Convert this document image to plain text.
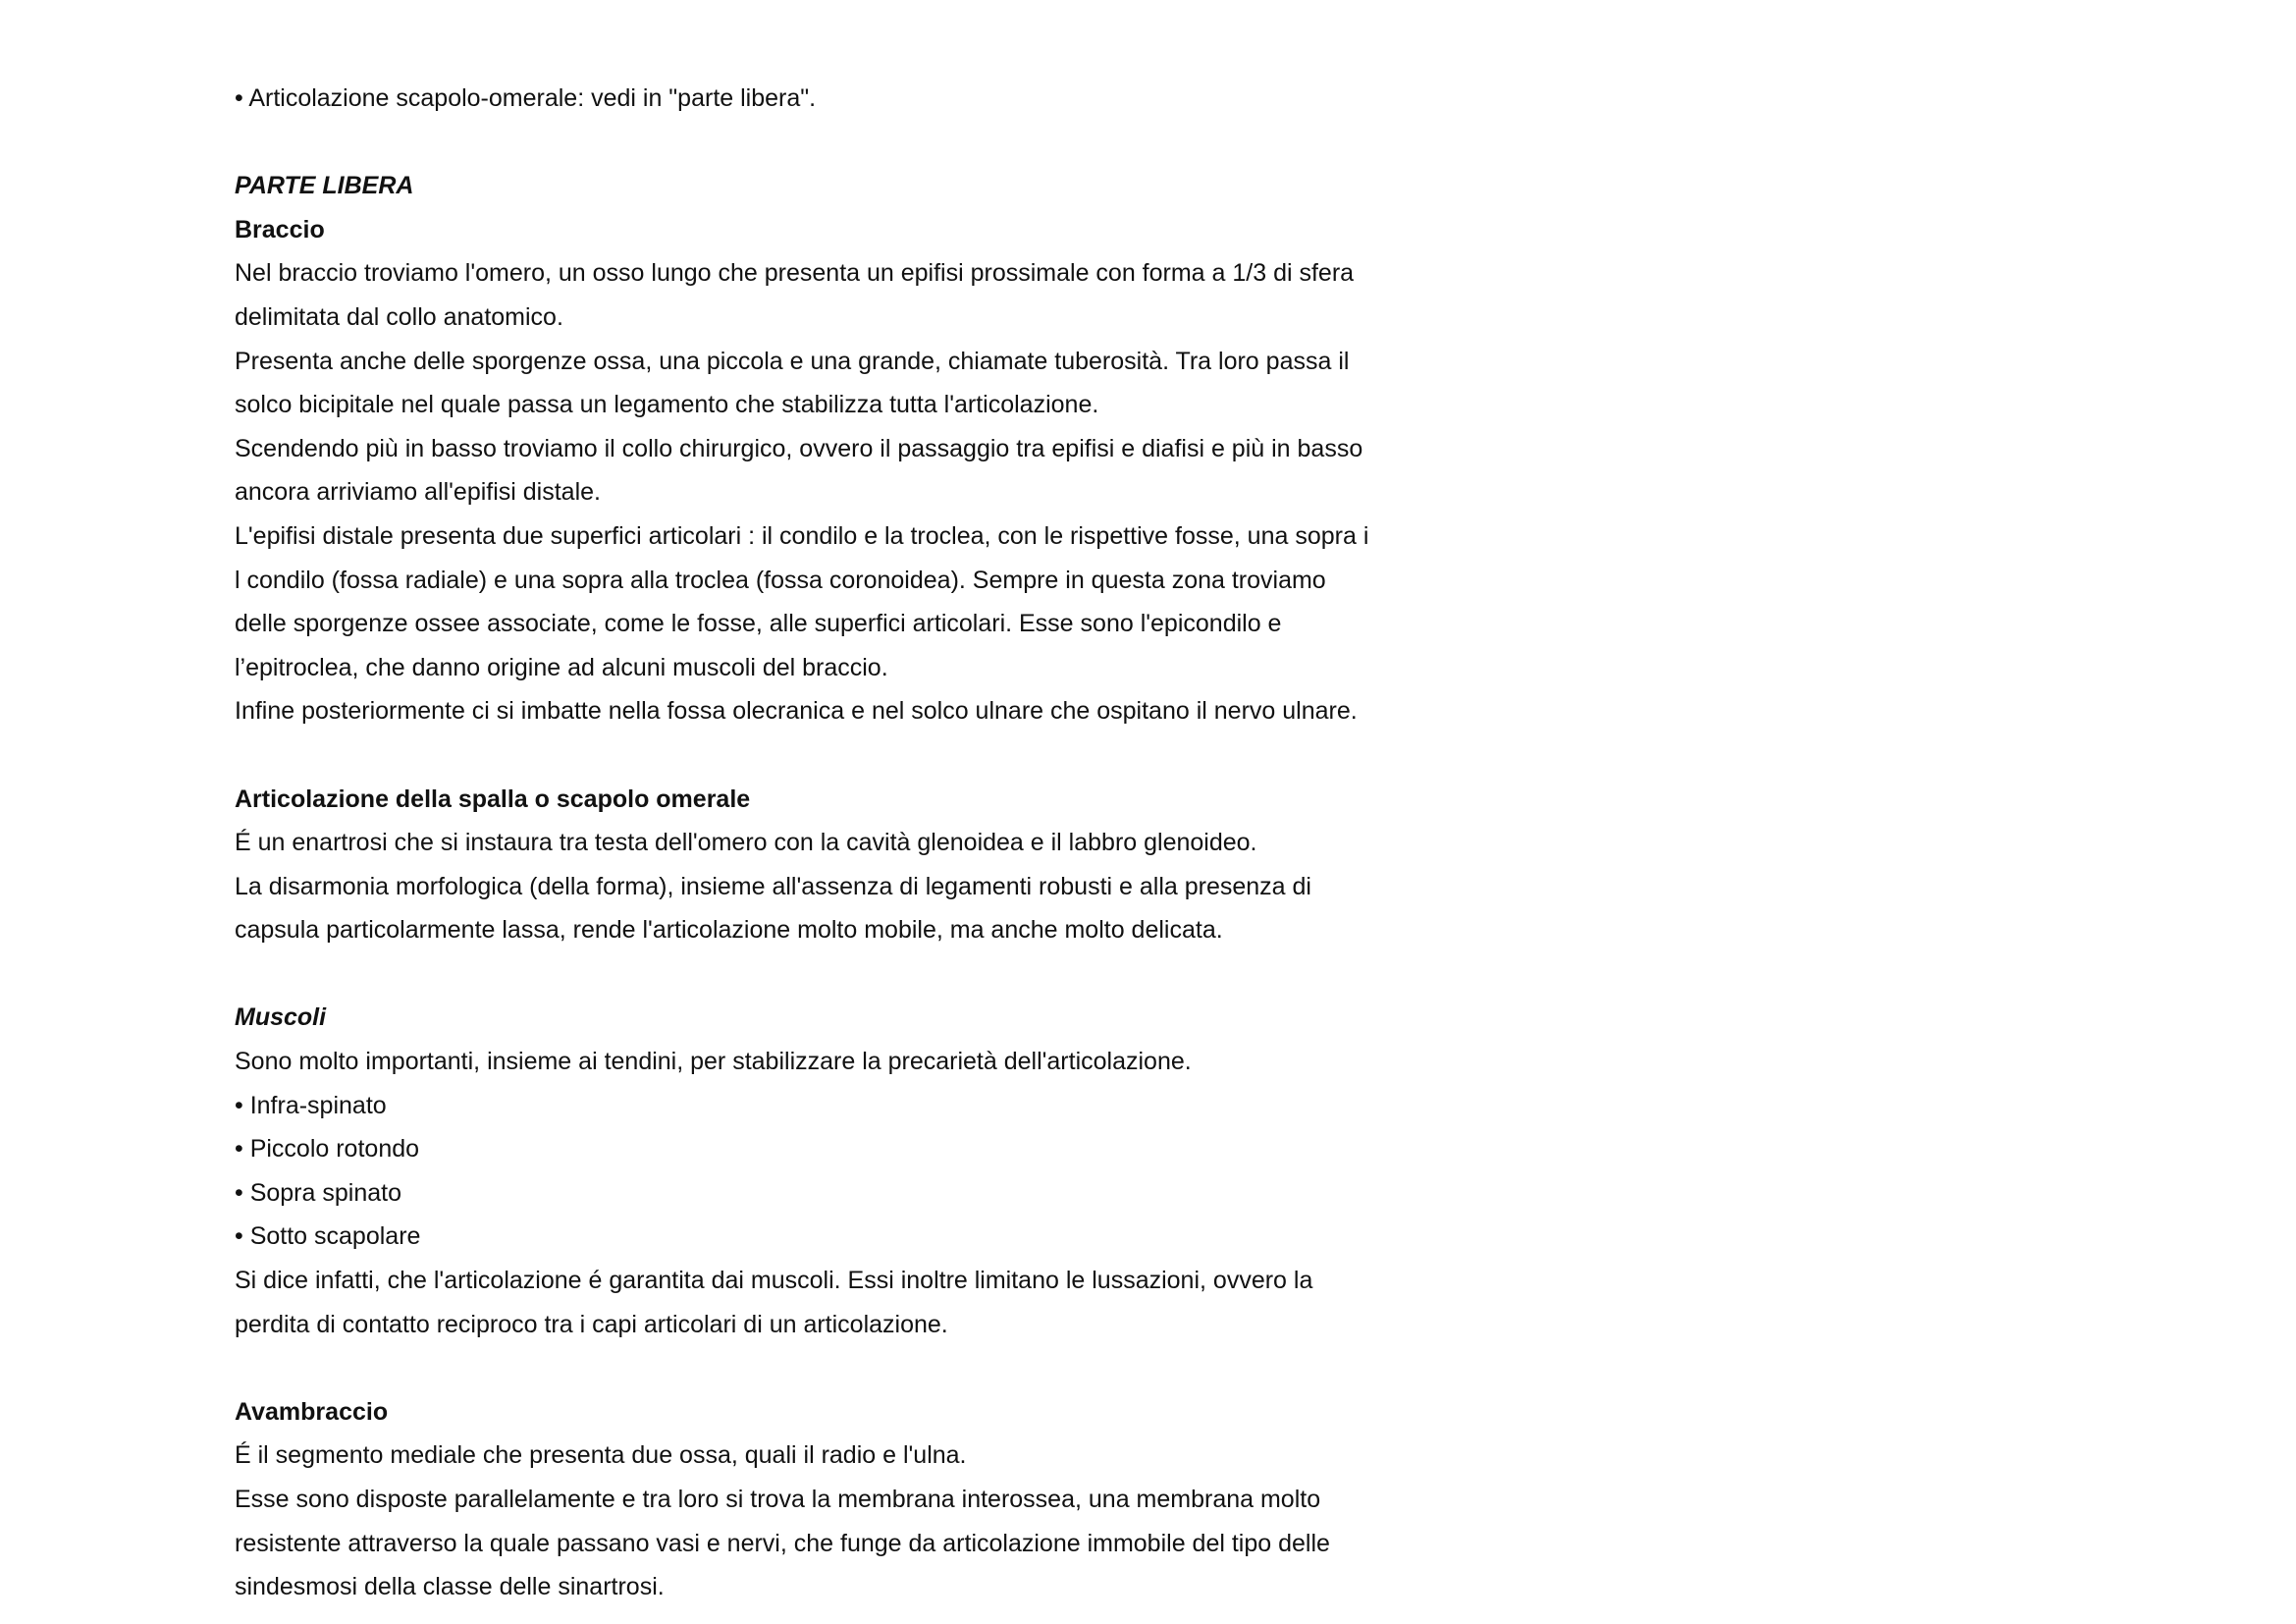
• Articolazione scapolo-omerale: vedi in "parte libera".

PARTE LIBERA

Braccio

Nel braccio troviamo l'omero, un osso lungo che presenta un epifisi prossimale con forma a 1/3 di sfera

delimitata dal collo anatomico.

Presenta anche delle sporgenze ossa, una piccola e una grande, chiamate tuberosità. Tra loro passa il

solco bicipitale nel quale passa un legamento che stabilizza tutta l'articolazione.

Scendendo più in basso troviamo il collo chirurgico, ovvero il passaggio tra epifisi e diafisi e più in basso

ancora arriviamo all'epifisi distale.

L'epifisi distale presenta due superfici articolari : il condilo e la troclea, con le rispettive fosse, una sopra i

l condilo (fossa radiale) e una sopra alla troclea (fossa coronoidea). Sempre in questa zona troviamo

delle sporgenze ossee associate, come le fosse, alle superfici articolari. Esse sono l'epicondilo e

l’epitroclea, che danno origine ad alcuni muscoli del braccio.

Infine posteriormente ci si imbatte nella fossa olecranica e nel solco ulnare che ospitano il nervo ulnare.

Articolazione della spalla o scapolo omerale

É un enartrosi che si instaura tra testa dell'omero con la cavità glenoidea e il labbro glenoideo.

La disarmonia morfologica (della forma), insieme all'assenza di legamenti robusti e alla presenza di

capsula particolarmente lassa, rende l'articolazione molto mobile, ma anche molto delicata.

Muscoli

Sono molto importanti, insieme ai tendini, per stabilizzare la precarietà dell'articolazione.

• Infra-spinato

• Piccolo rotondo

• Sopra spinato

• Sotto scapolare

Si dice infatti, che l'articolazione é garantita dai muscoli. Essi inoltre limitano le lussazioni, ovvero la

perdita di contatto reciproco tra i capi articolari di un articolazione.

Avambraccio

É il segmento mediale che presenta due ossa, quali il radio e l'ulna.

Esse sono disposte parallelamente e tra loro si trova la membrana interossea, una membrana molto

resistente attraverso la quale passano vasi e nervi, che funge da articolazione immobile del tipo delle

sindesmosi della classe delle sinartrosi.
